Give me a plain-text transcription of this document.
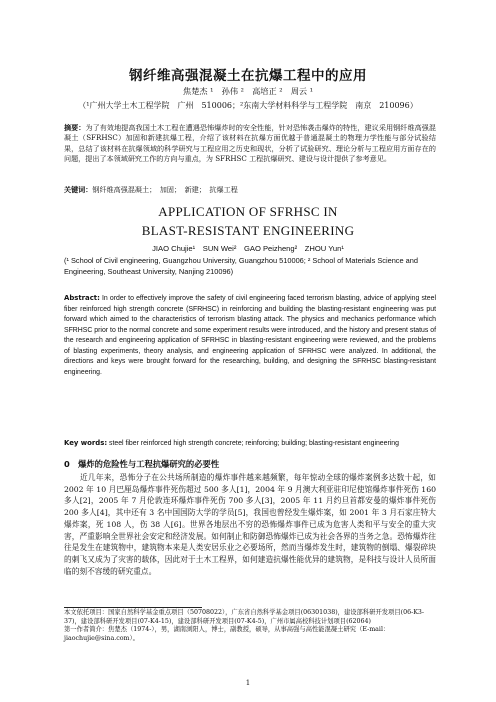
钢纤维高强混凝土在抗爆工程中的应用
焦楚杰 ¹　孙伟 ²　高培正 ²　周云 ¹
（¹广州大学土木工程学院　广州　510006；²东南大学材料科学与工程学院　南京　210096）
摘要：为了有效地提高我国土木工程在遭遇恐怖爆炸时的安全性能，针对恐怖袭击爆炸的特性，建议采用钢纤维高强混凝土（SFRHSC）加固和新建抗爆工程，介绍了该材料在抗爆方面优越于普通混凝土的物理力学性能与部分试验结果，总结了该材料在抗爆领域的科学研究与工程应用之历史和现状，分析了试验研究、理论分析与工程应用方面存在的问题，提出了本领域研究工作的方向与重点，为 SFRHSC 工程抗爆研究、建设与设计提供了参考意见。
关键词：钢纤维高强混凝土；　加固；　新建；　抗爆工程
APPLICATION OF SFRHSC IN
BLAST-RESISTANT ENGINEERING
JIAO Chujie¹　SUN Wei²　GAO Peizheng²　ZHOU Yun¹
(¹ School of Civil engineering, Guangzhou University, Guangzhou 510006; ² School of Materials Science and Engineering, Southeast University, Nanjing 210096)
Abstract: In order to effectively improve the safety of civil engineering faced terrorism blasting, advice of applying steel fiber reinforced high strength concrete (SFRHSC) in reinforcing and building the blasting-resistant engineering was put forward which aimed to the characteristics of terrorism blasting attack. The physics and mechanics performance which SFRHSC prior to the normal concrete and some experiment results were introduced, and the history and present status of the research and engineering application of SFRHSC in blasting-resistant engineering were reviewed, and the problems of blasting experiments, theory analysis, and engineering application of SFRHSC were analyzed. In additional, the directions and keys were brought forward for the researching, building, and designing the SFRHSC blasting-resistant engineering.
Key words: steel fiber reinforced high strength concrete; reinforcing; building; blasting-resistant engineering
0　爆炸的危险性与工程抗爆研究的必要性
近几年来，恐怖分子在公共场所制造的爆炸事件越来越频繁，每年惊动全球的爆炸案例多达数十起，如 2002 年 10 月巴厘岛爆炸事件死伤超过 500 多人[1]，2004 年 9 月澳大利亚驻印尼使馆爆炸事件死伤 160 多人[2]，2005 年 7 月伦敦连环爆炸事件死伤 700 多人[3]，2005 年 11 月约旦首都安曼的爆炸事件死伤 200 多人[4]，其中还有 3 名中国国防大学的学员[5]，我国也曾经发生爆炸案，如 2001 年 3 月石家庄特大爆炸案，死 108 人，伤 38 人[6]。世界各地层出不穷的恐怖爆炸事件已成为危害人类和平与安全的重大灾害，严重影响全世界社会安定和经济发展。如何制止和防御恐怖爆炸已成为社会各界的当务之急。恐怖爆炸往往是发生在建筑物中，建筑物本来是人类安居乐业之必要场所，然而当爆炸发生时，建筑物的倒塌、爆裂碎块的刺飞又成为了灾害的载体，因此对于土木工程界，如何建造抗爆性能优异的建筑物，是科技与设计人员所面临的刻不容缓的研究重点。
本文依托项目：国家自然科学基金重点项目（50708022），广东省自然科学基金项目(06301038)，建设部科研开发项目(06-K3-37)，建设部科研开发项目(07-K4-15)，建设部科研开发项目(07-K4-5)，广州市属高校科技计划项目(62064)
第一作者简介：焦楚杰（1974-），男，湖南浏阳人，博士，副教授，硕导，从事高强与高性能混凝土研究（E-mail：jiaochujie@sina.com）。
1
